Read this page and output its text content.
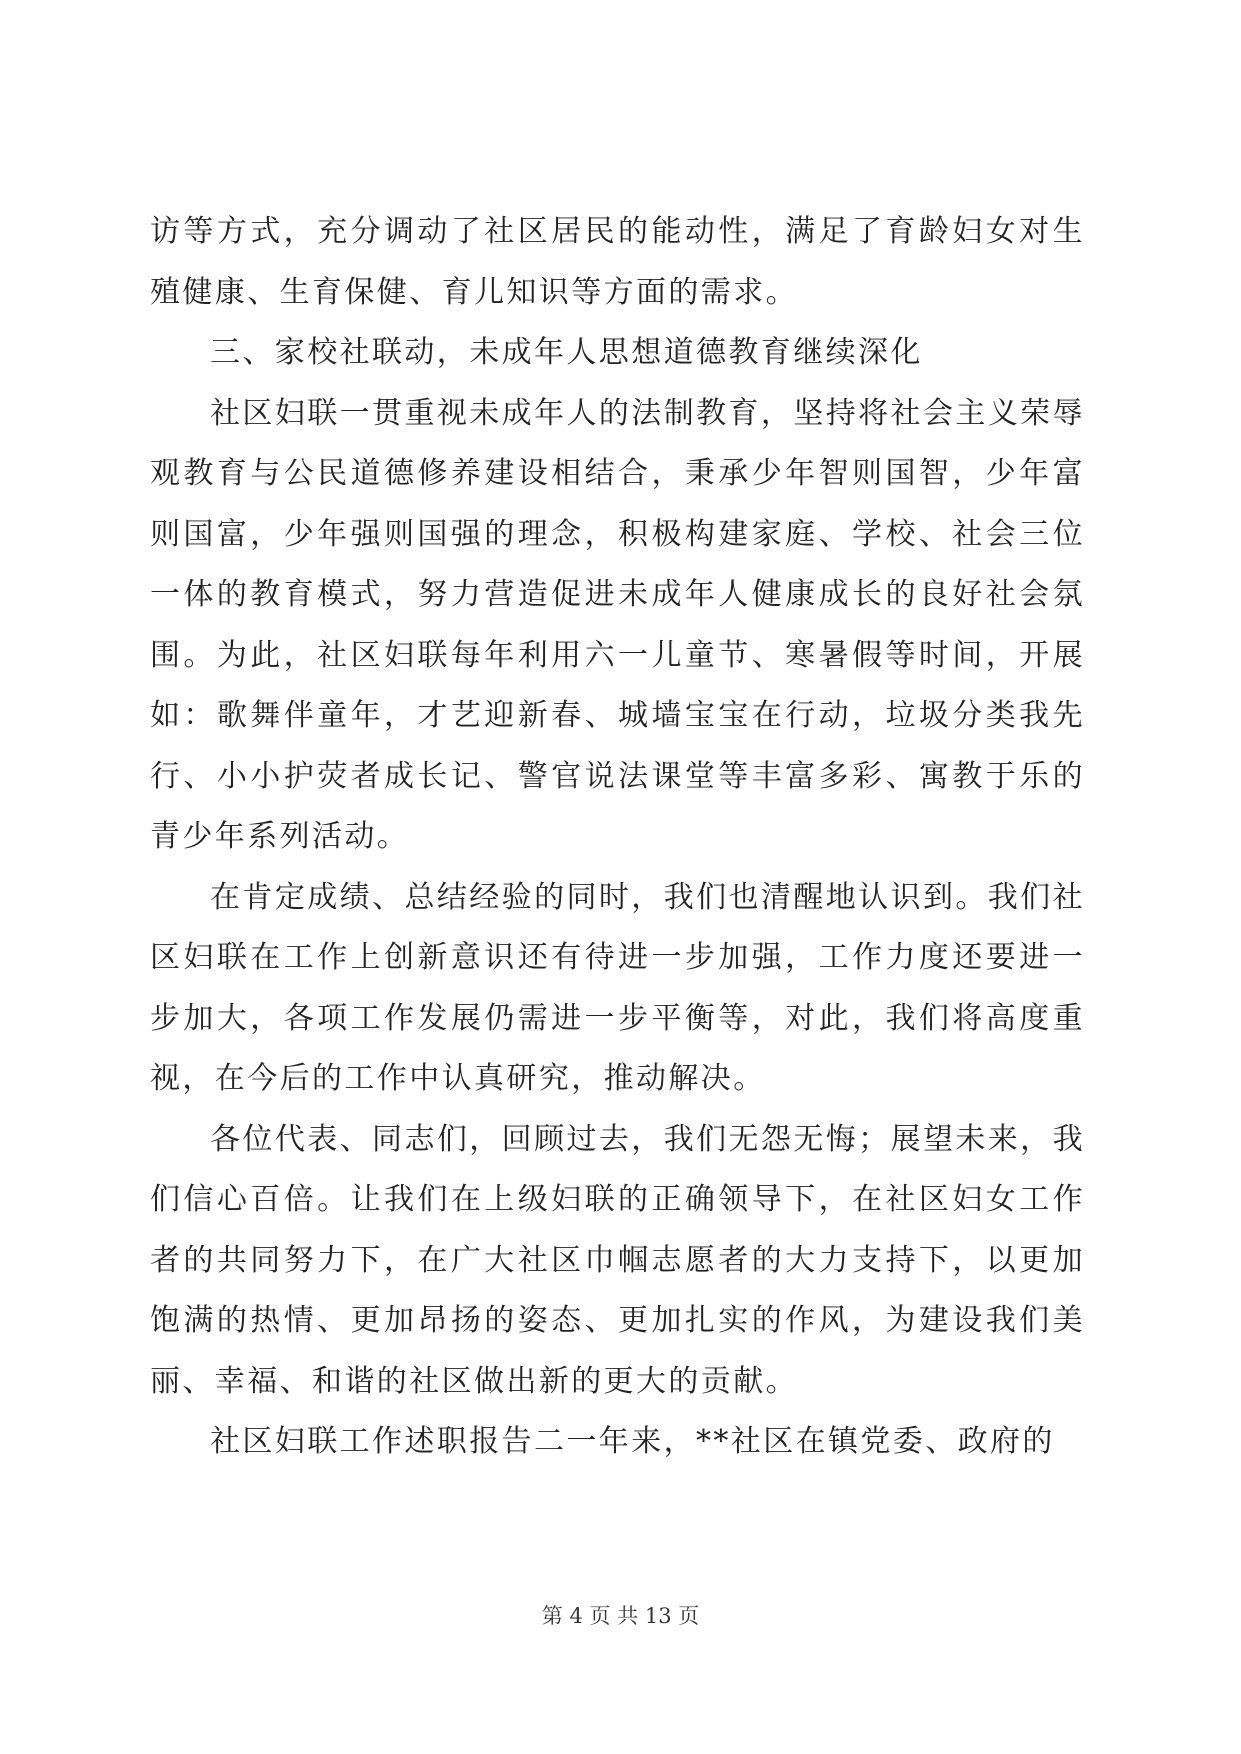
访等方式，充分调动了社区居民的能动性，满足了育龄妇女对生殖健康、生育保健、育儿知识等方面的需求。

三、家校社联动，未成年人思想道德教育继续深化

社区妇联一贯重视未成年人的法制教育，坚持将社会主义荣辱观教育与公民道德修养建设相结合，秉承少年智则国智，少年富则国富，少年强则国强的理念，积极构建家庭、学校、社会三位一体的教育模式，努力营造促进未成年人健康成长的良好社会氛围。为此，社区妇联每年利用六一儿童节、寒暑假等时间，开展如：歌舞伴童年，才艺迎新春、城墙宝宝在行动，垃圾分类我先行、小小护荧者成长记、警官说法课堂等丰富多彩、寓教于乐的青少年系列活动。

在肯定成绩、总结经验的同时，我们也清醒地认识到。我们社区妇联在工作上创新意识还有待进一步加强，工作力度还要进一步加大，各项工作发展仍需进一步平衡等，对此，我们将高度重视，在今后的工作中认真研究，推动解决。

各位代表、同志们，回顾过去，我们无怨无悔；展望未来，我们信心百倍。让我们在上级妇联的正确领导下，在社区妇女工作者的共同努力下，在广大社区巾帼志愿者的大力支持下，以更加饱满的热情、更加昂扬的姿态、更加扎实的作风，为建设我们美丽、幸福、和谐的社区做出新的更大的贡献。

社区妇联工作述职报告二一年来，**社区在镇党委、政府的

第 4 页 共 13 页
